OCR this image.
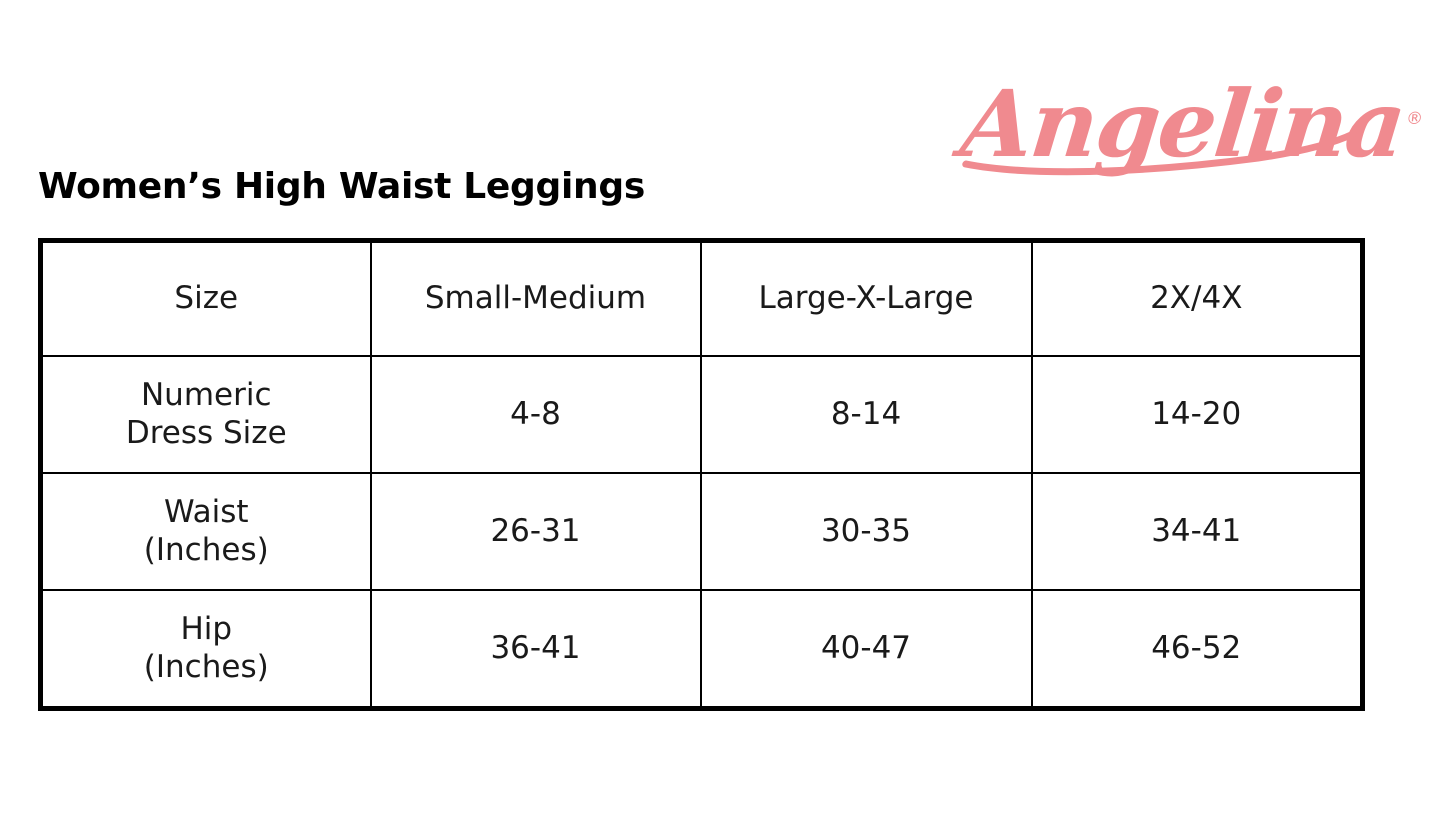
Angelina®
Women’s High Waist Leggings
Size	Small-Medium	Large-X-Large	2X/4X

Numeric
Dress Size	4-8	8-14	14-20

Waist
(Inches)	26-31	30-35	34-41

Hip
(Inches)	36-41	40-47	46-52
